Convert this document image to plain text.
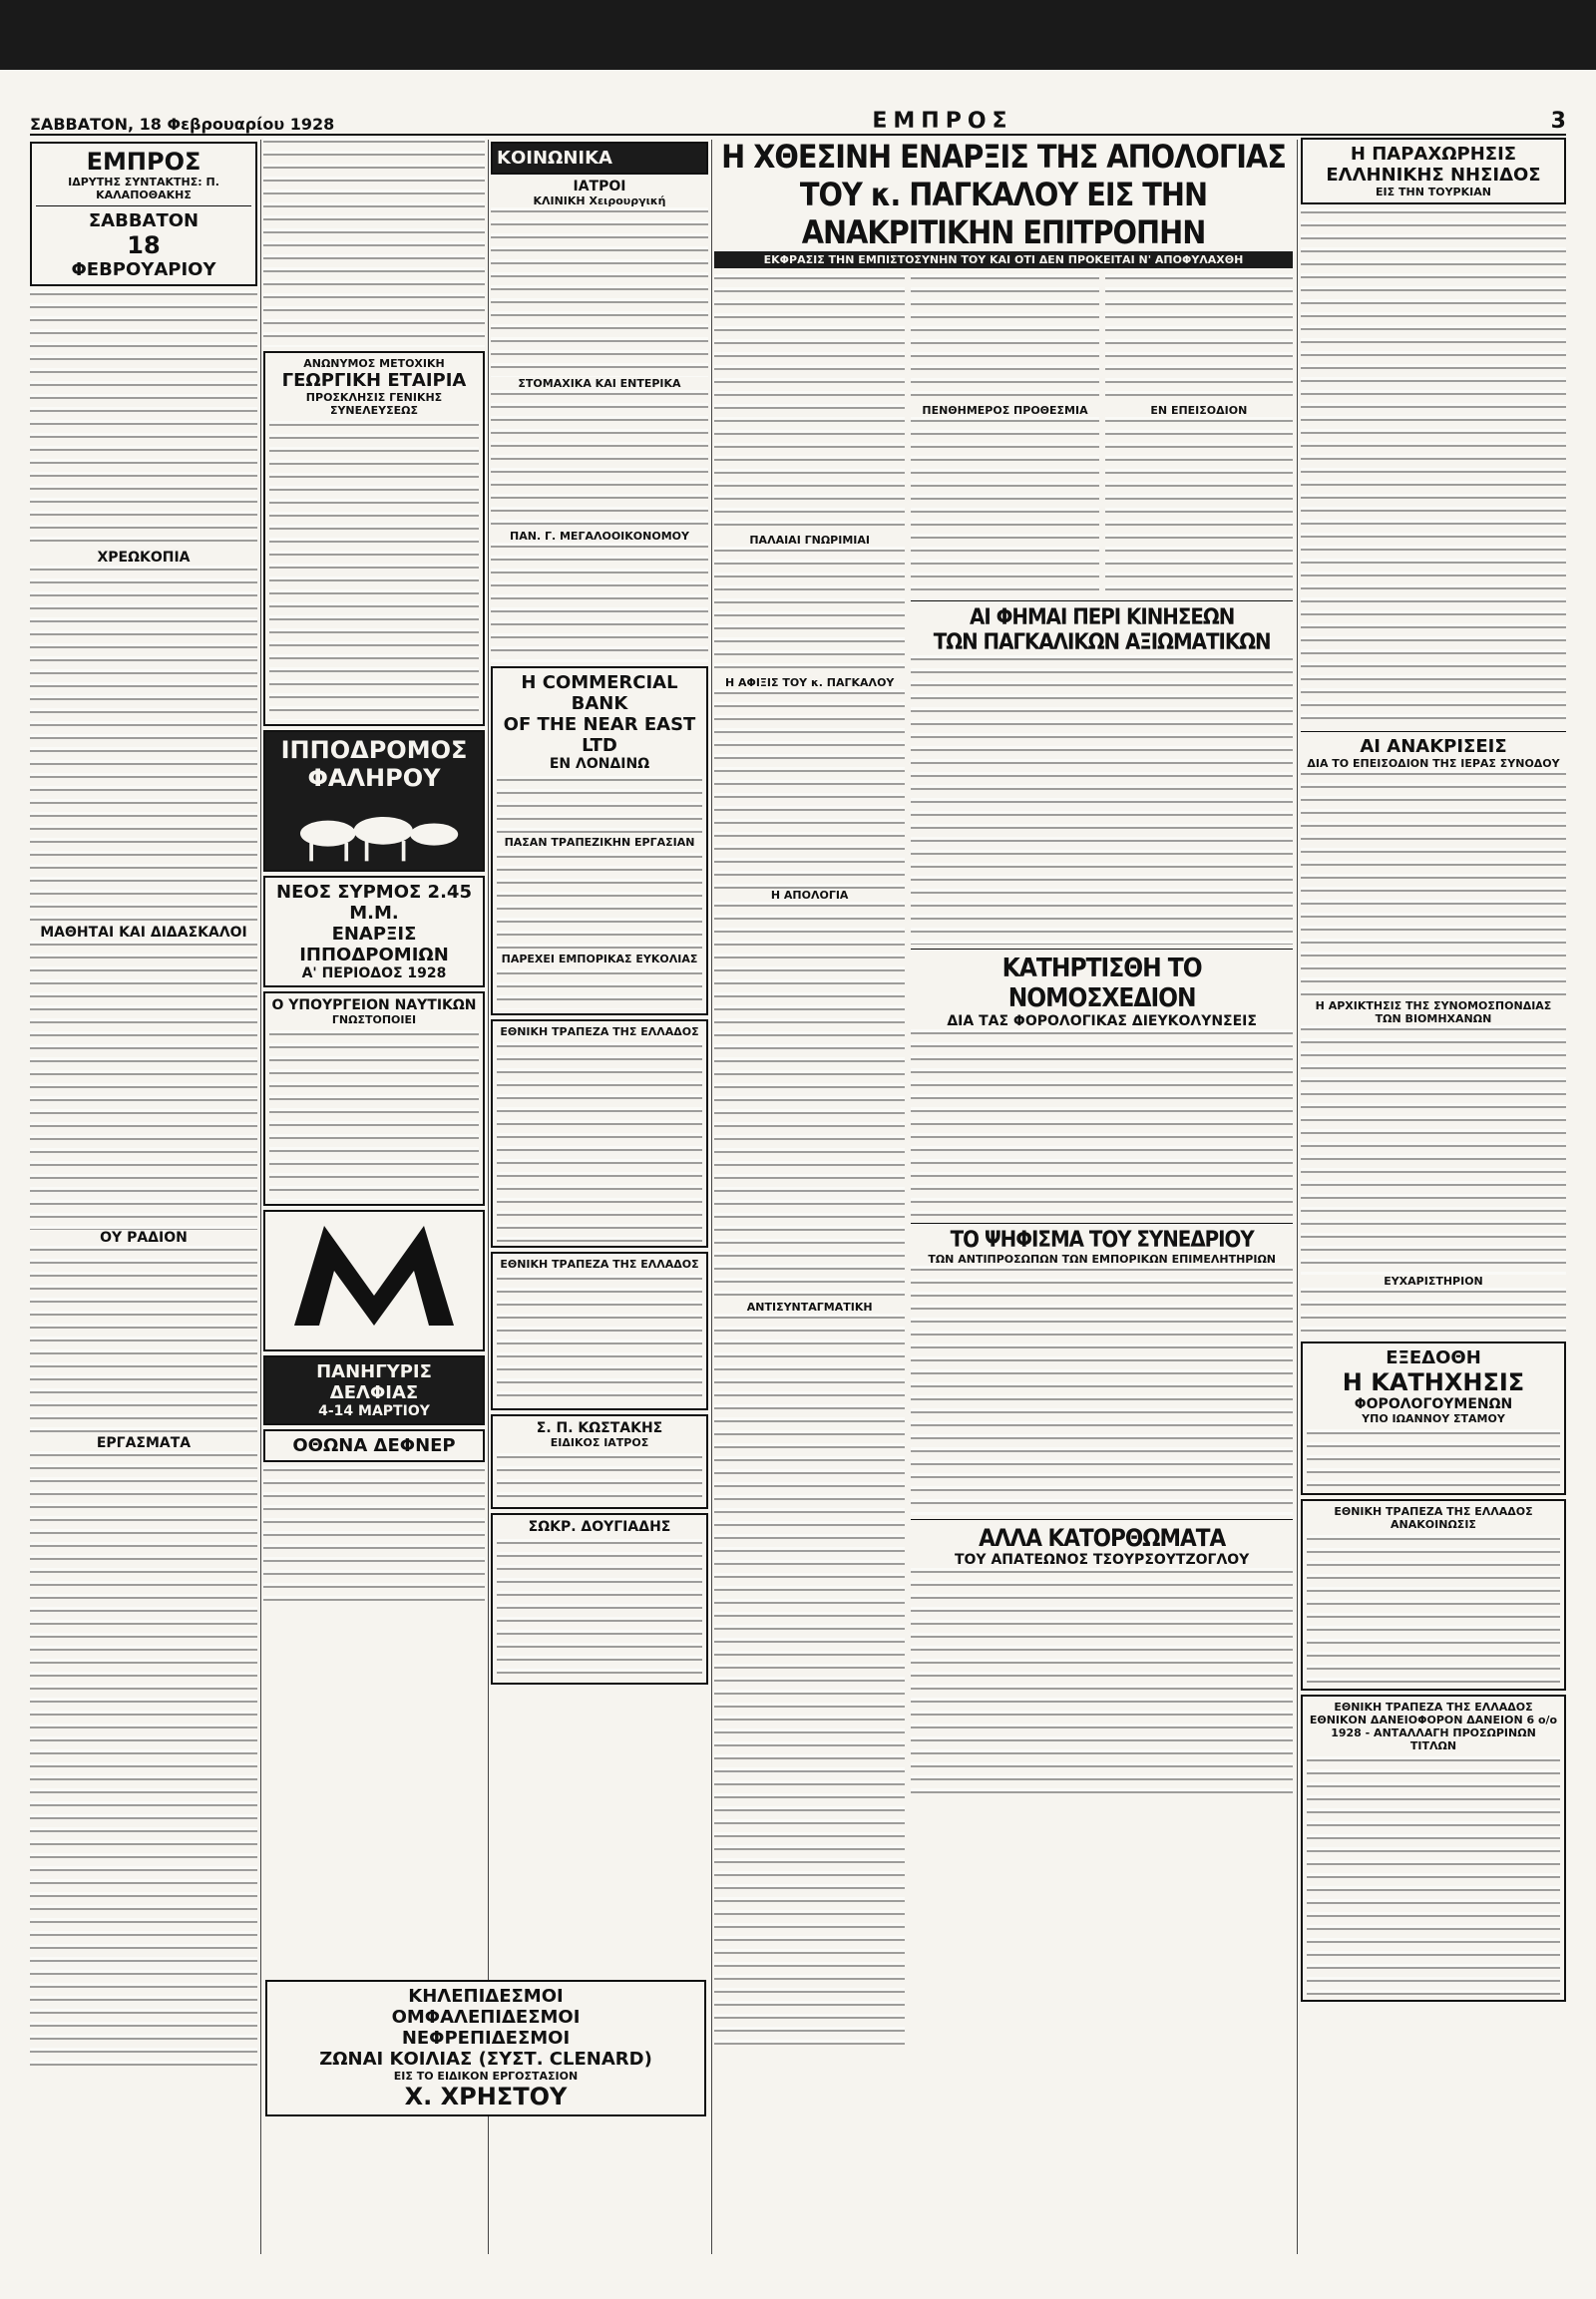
ΣΑΒΒΑΤΟΝ, 18 Φεβρουαρίου 1928	ΕΜΠΡΟΣ	3
ΕΜΠΡΟΣ
ΙΔΡΥΤΗΣ ΣΥΝΤΑΚΤΗΣ: Π. ΚΑΛΑΠΟΘΑΚΗΣ
ΣΑΒΒΑΤΟΝ
18
ΦΕΒΡΟΥΑΡΙΟΥ
ΧΡΕΩΚΟΠΙΑ
ΜΑΘΗΤΑΙ ΚΑΙ ΔΙΔΑΣΚΑΛΟΙ
ΟΥ ΡΑΔΙΟΝ
ΕΡΓΑΣΜΑΤΑ
ΑΝΩΝΥΜΟΣ ΜΕΤΟΧΙΚΗ
ΓΕΩΡΓΙΚΗ ΕΤΑΙΡΙΑ
ΠΡΟΣΚΛΗΣΙΣ ΓΕΝΙΚΗΣ ΣΥΝΕΛΕΥΣΕΩΣ
ΙΠΠΟΔΡΟΜΟΣ ΦΑΛΗΡΟΥ
ΝΕΟΣ ΣΥΡΜΟΣ 2.45 Μ.Μ.
ΕΝΑΡΞΙΣ ΙΠΠΟΔΡΟΜΙΩΝ
Α' ΠΕΡΙΟΔΟΣ 1928
Ο ΥΠΟΥΡΓΕΙΟΝ ΝΑΥΤΙΚΩΝ
ΓΝΩΣΤΟΠΟΙΕΙ
ΠΑΝΗΓΥΡΙΣ ΔΕΛΦΙΑΣ
4-14 ΜΑΡΤΙΟΥ
ΟΘΩΝΑ ΔΕΦΝΕΡ
ΚΟΙΝΩΝΙΚΑ
ΙΑΤΡΟΙ
ΚΛΙΝΙΚΗ Χειρουργική
ΣΤΟΜΑΧΙΚΑ ΚΑΙ ΕΝΤΕΡΙΚΑ
ΠΑΝ. Γ. ΜΕΓΑΛΟΟΙΚΟΝΟΜΟΥ
Η COMMERCIAL BANK
OF THE NEAR EAST LTD
ΕΝ ΛΟΝΔΙΝΩ
ΠΑΣΑΝ ΤΡΑΠΕΖΙΚΗΝ ΕΡΓΑΣΙΑΝ
ΠΑΡΕΧΕΙ ΕΜΠΟΡΙΚΑΣ ΕΥΚΟΛΙΑΣ
ΕΘΝΙΚΗ ΤΡΑΠΕΖΑ ΤΗΣ ΕΛΛΑΔΟΣ
ΕΘΝΙΚΗ ΤΡΑΠΕΖΑ ΤΗΣ ΕΛΛΑΔΟΣ
Σ. Π. ΚΩΣΤΑΚΗΣ
ΕΙΔΙΚΟΣ ΙΑΤΡΟΣ
ΣΩΚΡ. ΔΟΥΓΙΑΔΗΣ
ΚΗΛΕΠΙΔΕΣΜΟΙ
ΟΜΦΑΛΕΠΙΔΕΣΜΟΙ
ΝΕΦΡΕΠΙΔΕΣΜΟΙ
ΖΩΝΑΙ ΚΟΙΛΙΑΣ (ΣΥΣΤ. CLENARD)
ΕΙΣ ΤΟ ΕΙΔΙΚΟΝ ΕΡΓΟΣΤΑΣΙΟΝ
Χ. ΧΡΗΣΤΟΥ
Η ΧΘΕΣΙΝΗ ΕΝΑΡΞΙΣ ΤΗΣ ΑΠΟΛΟΓΙΑΣ
ΤΟΥ κ. ΠΑΓΚΑΛΟΥ ΕΙΣ ΤΗΝ ΑΝΑΚΡΙΤΙΚΗΝ ΕΠΙΤΡΟΠΗΝ
ΕΚΦΡΑΣΙΣ ΤΗΝ ΕΜΠΙΣΤΟΣΥΝΗΝ ΤΟΥ ΚΑΙ ΟΤΙ ΔΕΝ ΠΡΟΚΕΙΤΑΙ Ν' ΑΠΟΦΥΛΑΧΘΗ
ΠΑΛΑΙΑΙ ΓΝΩΡΙΜΙΑΙ
Η ΑΦΙΞΙΣ ΤΟΥ κ. ΠΑΓΚΑΛΟΥ
Η ΑΠΟΛΟΓΙΑ
ΑΝΤΙΣΥΝΤΑΓΜΑΤΙΚΗ
ΠΕΝΘΗΜΕΡΟΣ ΠΡΟΘΕΣΜΙΑ	ΕΝ ΕΠΕΙΣΟΔΙΟΝ
ΑΙ ΦΗΜΑΙ ΠΕΡΙ ΚΙΝΗΣΕΩΝ
ΤΩΝ ΠΑΓΚΑΛΙΚΩΝ ΑΞΙΩΜΑΤΙΚΩΝ
ΚΑΤΗΡΤΙΣΘΗ ΤΟ ΝΟΜΟΣΧΕΔΙΟΝ
ΔΙΑ ΤΑΣ ΦΟΡΟΛΟΓΙΚΑΣ ΔΙΕΥΚΟΛΥΝΣΕΙΣ
ΤΟ ΨΗΦΙΣΜΑ ΤΟΥ ΣΥΝΕΔΡΙΟΥ
ΤΩΝ ΑΝΤΙΠΡΟΣΩΠΩΝ ΤΩΝ ΕΜΠΟΡΙΚΩΝ ΕΠΙΜΕΛΗΤΗΡΙΩΝ
ΑΛΛΑ ΚΑΤΟΡΘΩΜΑΤΑ
ΤΟΥ ΑΠΑΤΕΩΝΟΣ ΤΣΟΥΡΣΟΥΤΖΟΓΛΟΥ
Η ΠΑΡΑΧΩΡΗΣΙΣ
ΕΛΛΗΝΙΚΗΣ ΝΗΣΙΔΟΣ
ΕΙΣ ΤΗΝ ΤΟΥΡΚΙΑΝ
ΑΙ ΑΝΑΚΡΙΣΕΙΣ
ΔΙΑ ΤΟ ΕΠΕΙΣΟΔΙΟΝ ΤΗΣ ΙΕΡΑΣ ΣΥΝΟΔΟΥ
Η ΑΡΧΙΚΤΗΣΙΣ ΤΗΣ ΣΥΝΟΜΟΣΠΟΝΔΙΑΣ ΤΩΝ ΒΙΟΜΗΧΑΝΩΝ
ΕΥΧΑΡΙΣΤΗΡΙΟΝ
ΕΞΕΔΟΘΗ
Η ΚΑΤΗΧΗΣΙΣ
ΦΟΡΟΛΟΓΟΥΜΕΝΩΝ
ΥΠΟ ΙΩΑΝΝΟΥ ΣΤΑΜΟΥ
ΕΘΝΙΚΗ ΤΡΑΠΕΖΑ ΤΗΣ ΕΛΛΑΔΟΣ
ΑΝΑΚΟΙΝΩΣΙΣ
ΕΘΝΙΚΗ ΤΡΑΠΕΖΑ ΤΗΣ ΕΛΛΑΔΟΣ
ΕΘΝΙΚΟΝ ΔΑΝΕΙΟΦΟΡΟΝ ΔΑΝΕΙΟΝ 6 ο/ο 1928 - ΑΝΤΑΛΛΑΓΗ ΠΡΟΣΩΡΙΝΩΝ ΤΙΤΛΩΝ
